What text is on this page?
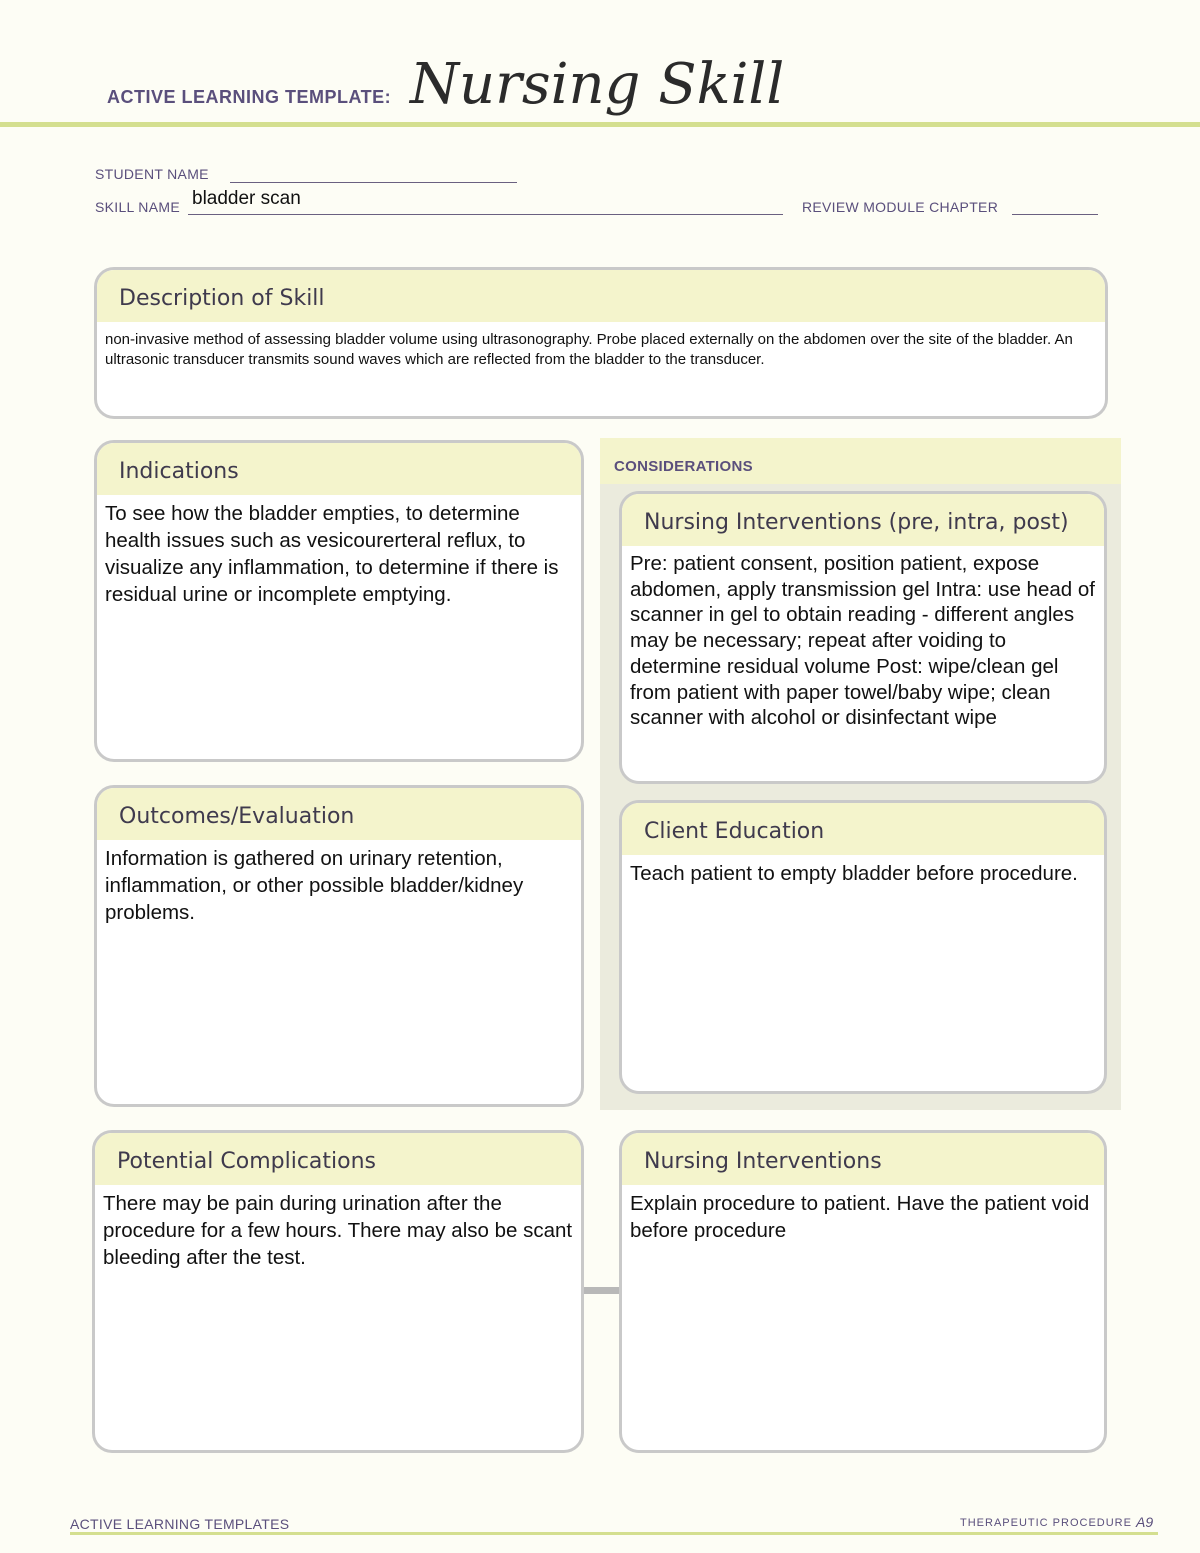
ACTIVE LEARNING TEMPLATE: Nursing Skill
STUDENT NAME
SKILL NAME bladder scan	REVIEW MODULE CHAPTER
Description of Skill
non-invasive method of assessing bladder volume using ultrasonography. Probe placed externally on the abdomen over the site of the bladder. An ultrasonic transducer transmits sound waves which are reflected from the bladder to the transducer.
CONSIDERATIONS
Indications
To see how the bladder empties, to determine health issues such as vesicourerteral reflux, to visualize any inflammation, to determine if there is residual urine or incomplete emptying.
Nursing Interventions (pre, intra, post)
Pre: patient consent, position patient, expose abdomen, apply transmission gel Intra: use head of scanner in gel to obtain reading - different angles may be necessary; repeat after voiding to determine residual volume Post: wipe/clean gel from patient with paper towel/baby wipe; clean scanner with alcohol or disinfectant wipe
Outcomes/Evaluation
Information is gathered on urinary retention, inflammation, or other possible bladder/kidney problems.
Client Education
Teach patient to empty bladder before procedure.
Potential Complications
There may be pain during urination after the procedure for a few hours. There may also be scant bleeding after the test.
Nursing Interventions
Explain procedure to patient. Have the patient void before procedure
ACTIVE LEARNING TEMPLATES	THERAPEUTIC PROCEDURE A9
